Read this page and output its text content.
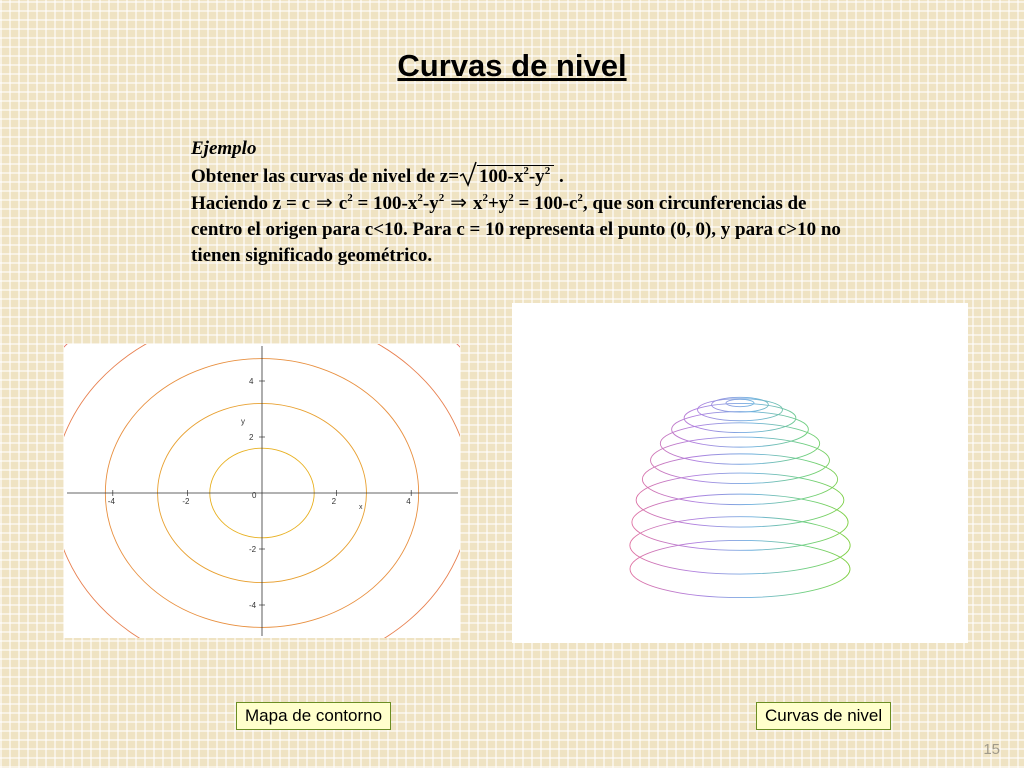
Curvas de nivel
Ejemplo
Obtener las curvas de nivel de $z= 100-x^2-y^2$ .
Haciendo z = c ⇒ $c^2 = 100-x^2-y^2$ ⇒ $x^2+y^2 = 100-c^2$, que son circunferencias de
centro el origen para c<10. Para c = 10 representa el punto (0, 0), y para c>10 no
tienen significado geométrico.
-4	-2
0
2	4
4
2
-2
-4
x
y
Mapa de contorno	Curvas de nivel
15
